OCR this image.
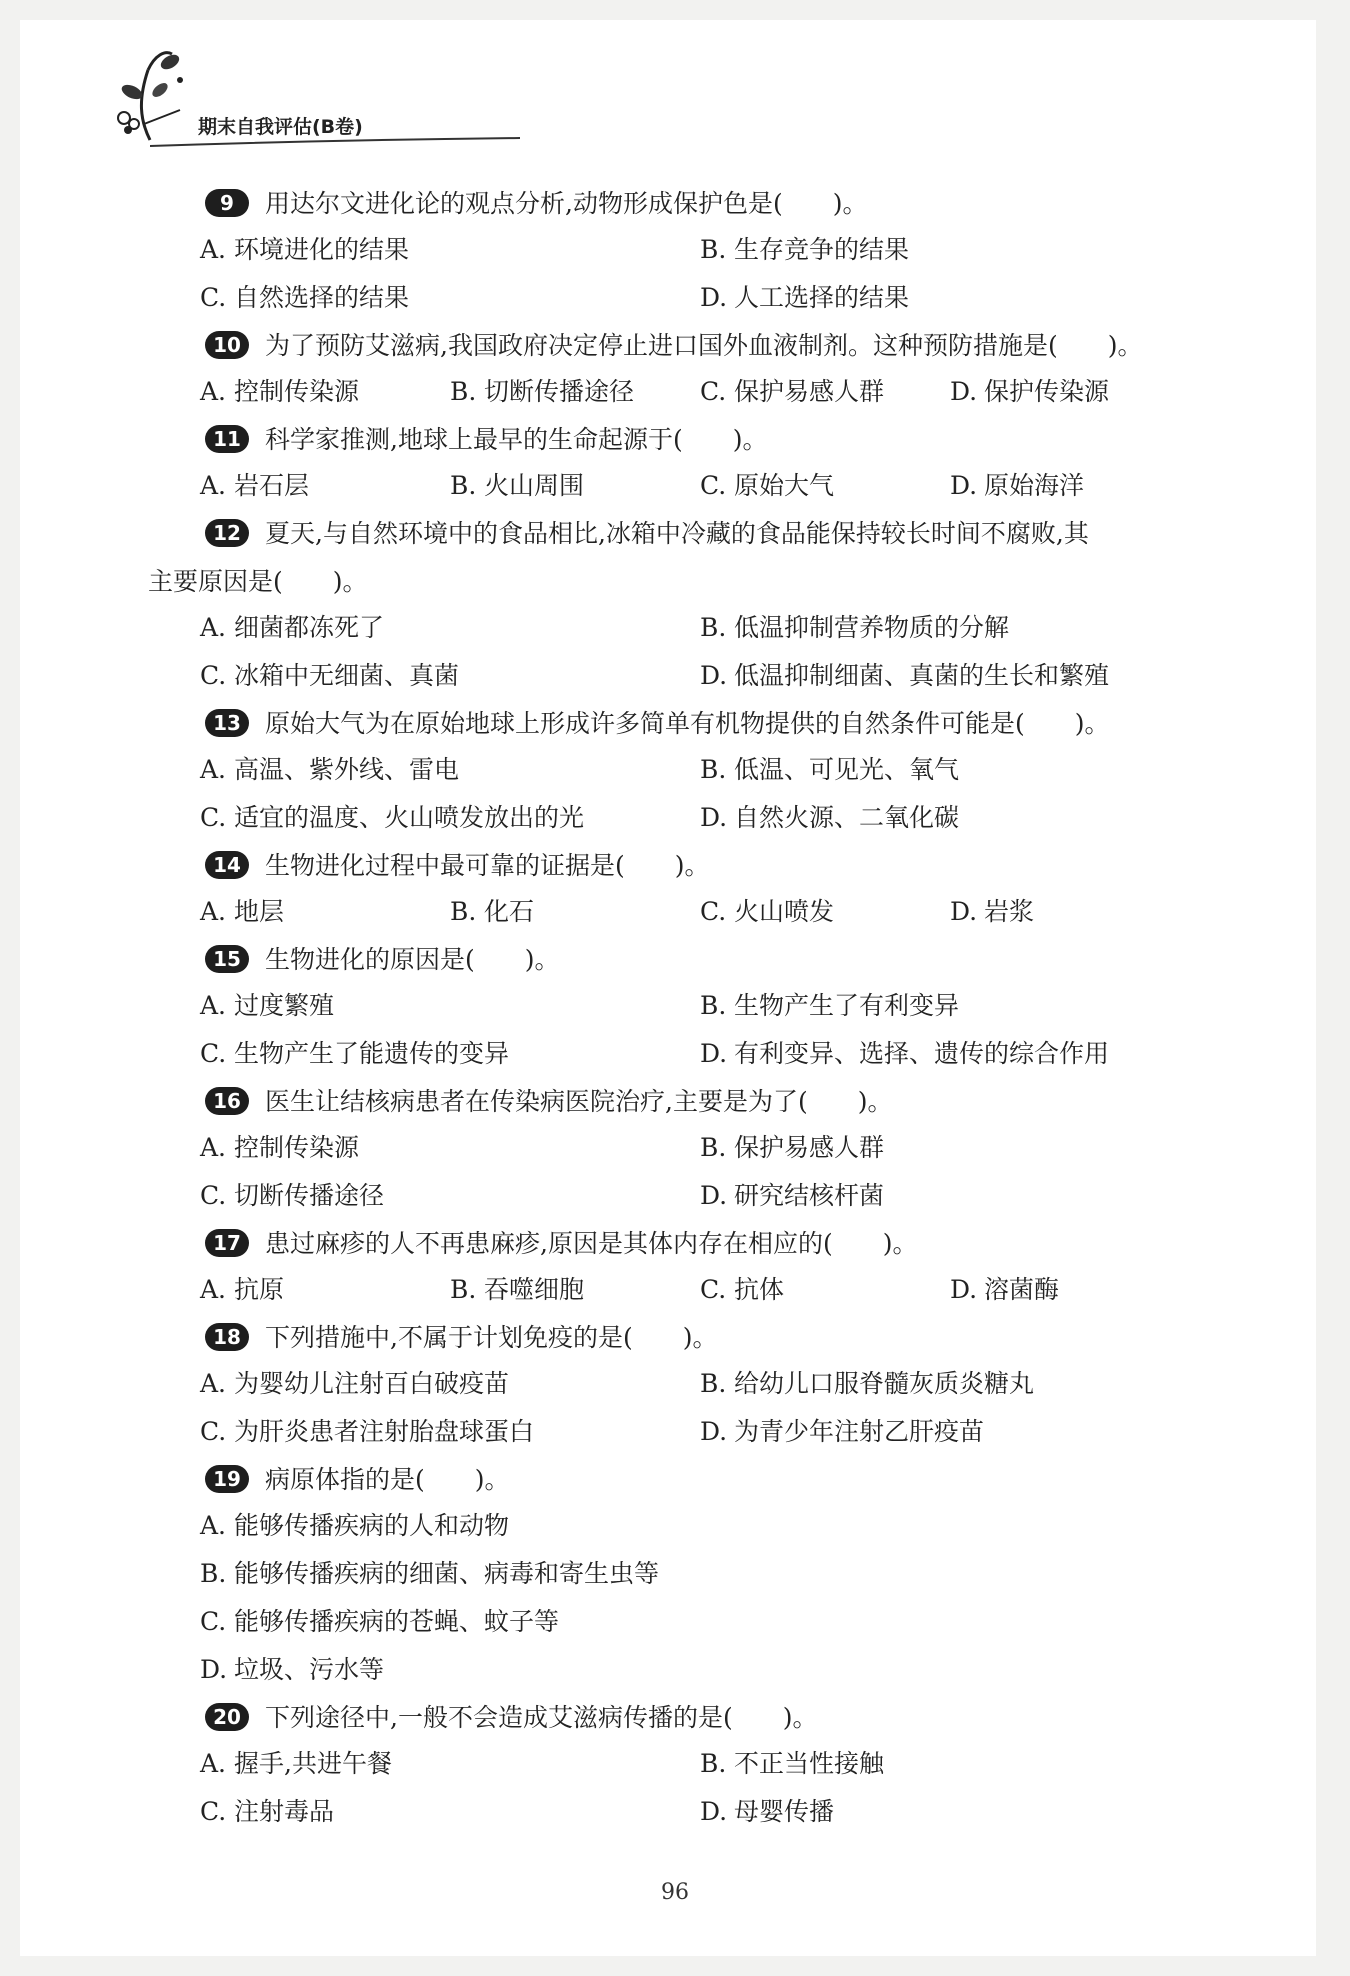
期末自我评估(B卷)
9 用达尔文进化论的观点分析,动物形成保护色是(　　)。
A. 环境进化的结果	B. 生存竞争的结果
C. 自然选择的结果	D. 人工选择的结果
10 为了预防艾滋病,我国政府决定停止进口国外血液制剂。这种预防措施是(　　)。
A. 控制传染源	B. 切断传播途径	C. 保护易感人群	D. 保护传染源
11 科学家推测,地球上最早的生命起源于(　　)。
A. 岩石层	B. 火山周围	C. 原始大气	D. 原始海洋
12 夏天,与自然环境中的食品相比,冰箱中冷藏的食品能保持较长时间不腐败,其
主要原因是(　　)。
A. 细菌都冻死了	B. 低温抑制营养物质的分解
C. 冰箱中无细菌、真菌	D. 低温抑制细菌、真菌的生长和繁殖
13 原始大气为在原始地球上形成许多简单有机物提供的自然条件可能是(　　)。
A. 高温、紫外线、雷电	B. 低温、可见光、氧气
C. 适宜的温度、火山喷发放出的光	D. 自然火源、二氧化碳
14 生物进化过程中最可靠的证据是(　　)。
A. 地层	B. 化石	C. 火山喷发	D. 岩浆
15 生物进化的原因是(　　)。
A. 过度繁殖	B. 生物产生了有利变异
C. 生物产生了能遗传的变异	D. 有利变异、选择、遗传的综合作用
16 医生让结核病患者在传染病医院治疗,主要是为了(　　)。
A. 控制传染源	B. 保护易感人群
C. 切断传播途径	D. 研究结核杆菌
17 患过麻疹的人不再患麻疹,原因是其体内存在相应的(　　)。
A. 抗原	B. 吞噬细胞	C. 抗体	D. 溶菌酶
18 下列措施中,不属于计划免疫的是(　　)。
A. 为婴幼儿注射百白破疫苗	B. 给幼儿口服脊髓灰质炎糖丸
C. 为肝炎患者注射胎盘球蛋白	D. 为青少年注射乙肝疫苗
19 病原体指的是(　　)。
A. 能够传播疾病的人和动物
B. 能够传播疾病的细菌、病毒和寄生虫等
C. 能够传播疾病的苍蝇、蚊子等
D. 垃圾、污水等
20 下列途径中,一般不会造成艾滋病传播的是(　　)。
A. 握手,共进午餐	B. 不正当性接触
C. 注射毒品	D. 母婴传播
96
